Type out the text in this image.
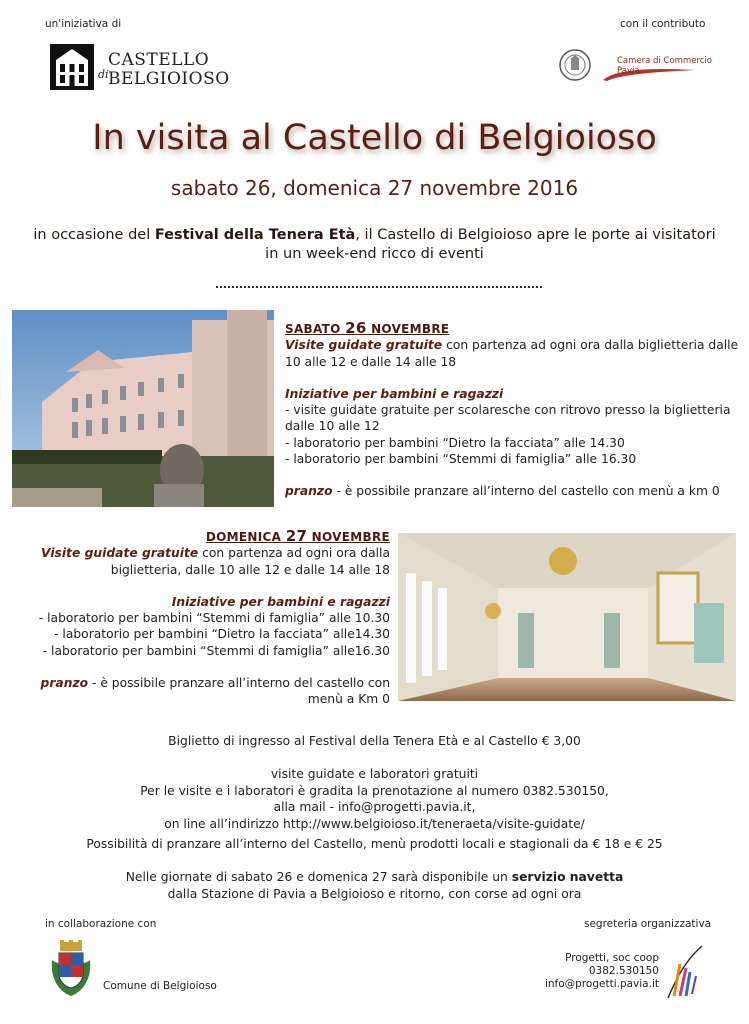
un'iniziativa di	con il contributo
CASTELLO
di BELGIOIOSO
Camera di Commercio
Pavia
In visita al Castello di Belgioioso
sabato 26, domenica 27 novembre 2016
in occasione del Festival della Tenera Età, il Castello di Belgioioso apre le porte ai visitatori in un week-end ricco di eventi
SABATO 26 NOVEMBRE
Visite guidate gratuite con partenza ad ogni ora dalla biglietteria dalle 10 alle 12 e dalle 14 alle 18
Iniziative per bambini e ragazzi
- visite guidate gratuite per scolaresche con ritrovo presso la biglietteria dalle 10 alle 12
- laboratorio per bambini “Dietro la facciata” alle 14.30
- laboratorio per bambini “Stemmi di famiglia” alle 16.30
pranzo - è possibile pranzare all’interno del castello con menù a km 0
DOMENICA 27 NOVEMBRE
Visite guidate gratuite con partenza ad ogni ora dalla biglietteria, dalle 10 alle 12 e dalle 14 alle 18
Iniziative per bambini e ragazzi
- laboratorio per bambini “Stemmi di famiglia” alle 10.30
- laboratorio per bambini “Dietro la facciata” alle14.30
- laboratorio per bambini “Stemmi di famiglia” alle16.30
pranzo - è possibile pranzare all’interno del castello con menù a Km 0
Biglietto di ingresso al Festival della Tenera Età e al Castello € 3,00
visite guidate e laboratori gratuiti
Per le visite e i laboratori è gradita la prenotazione al numero 0382.530150,
alla mail - info@progetti.pavia.it,
on line all’indirizzo http://www.belgioioso.it/teneraeta/visite-guidate/
Possibilità di pranzare all’interno del Castello, menù prodotti locali e stagionali da € 18 e € 25
Nelle giornate di sabato 26 e domenica 27 sarà disponibile un servizio navetta
dalla Stazione di Pavia a Belgioioso e ritorno, con corse ad ogni ora
in collaborazione con	segreteria organizzativa
Comune di Belgioioso
Progetti, soc coop
0382.530150
info@progetti.pavia.it
